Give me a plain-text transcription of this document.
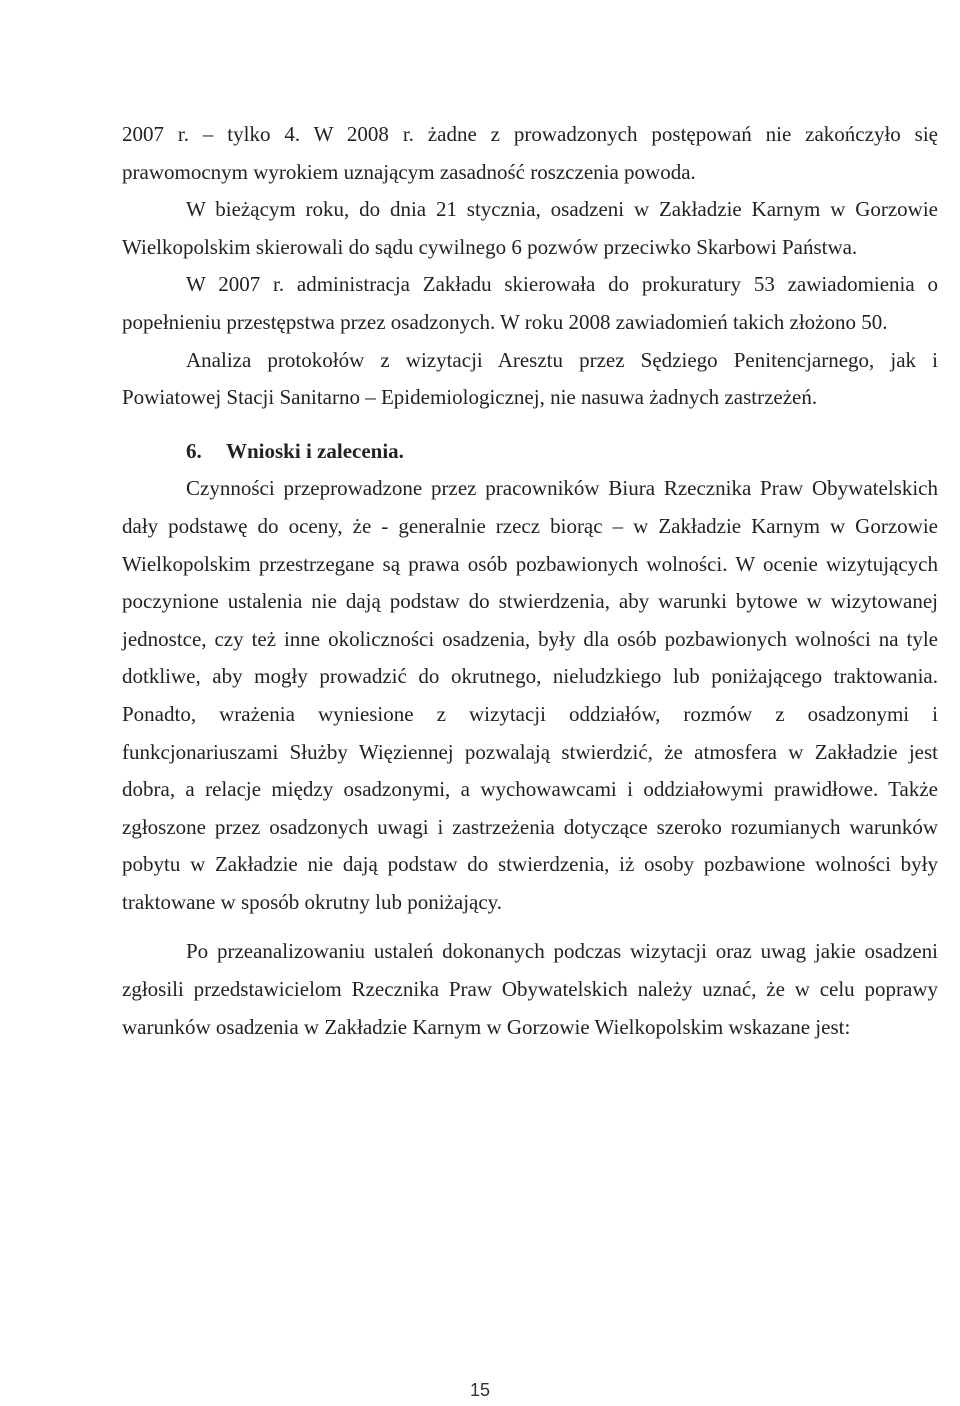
2007 r. – tylko 4. W 2008 r. żadne z prowadzonych postępowań nie zakończyło się prawomocnym wyrokiem uznającym zasadność roszczenia powoda.

W bieżącym roku, do dnia 21 stycznia, osadzeni w Zakładzie Karnym w Gorzowie Wielkopolskim skierowali do sądu cywilnego 6 pozwów przeciwko Skarbowi Państwa.

W 2007 r. administracja Zakładu skierowała do prokuratury 53 zawiadomienia o popełnieniu przestępstwa przez osadzonych. W roku 2008 zawiadomień takich złożono 50.

Analiza protokołów z wizytacji Aresztu przez Sędziego Penitencjarnego, jak i Powiatowej Stacji Sanitarno – Epidemiologicznej, nie nasuwa żadnych zastrzeżeń.

6. Wnioski i zalecenia.

Czynności przeprowadzone przez pracowników Biura Rzecznika Praw Obywatelskich dały podstawę do oceny, że - generalnie rzecz biorąc – w Zakładzie Karnym w Gorzowie Wielkopolskim przestrzegane są prawa osób pozbawionych wolności. W ocenie wizytujących poczynione ustalenia nie dają podstaw do stwierdzenia, aby warunki bytowe w wizytowanej jednostce, czy też inne okoliczności osadzenia, były dla osób pozbawionych wolności na tyle dotkliwe, aby mogły prowadzić do okrutnego, nieludzkiego lub poniżającego traktowania. Ponadto, wrażenia wyniesione z wizytacji oddziałów, rozmów z osadzonymi i funkcjonariuszami Służby Więziennej pozwalają stwierdzić, że atmosfera w Zakładzie jest dobra, a relacje między osadzonymi, a wychowawcami i oddziałowymi prawidłowe. Także zgłoszone przez osadzonych uwagi i zastrzeżenia dotyczące szeroko rozumianych warunków pobytu w Zakładzie nie dają podstaw do stwierdzenia, iż osoby pozbawione wolności były traktowane w sposób okrutny lub poniżający.

Po przeanalizowaniu ustaleń dokonanych podczas wizytacji oraz uwag jakie osadzeni zgłosili przedstawicielom Rzecznika Praw Obywatelskich należy uznać, że w celu poprawy warunków osadzenia w Zakładzie Karnym w Gorzowie Wielkopolskim wskazane jest:

15
